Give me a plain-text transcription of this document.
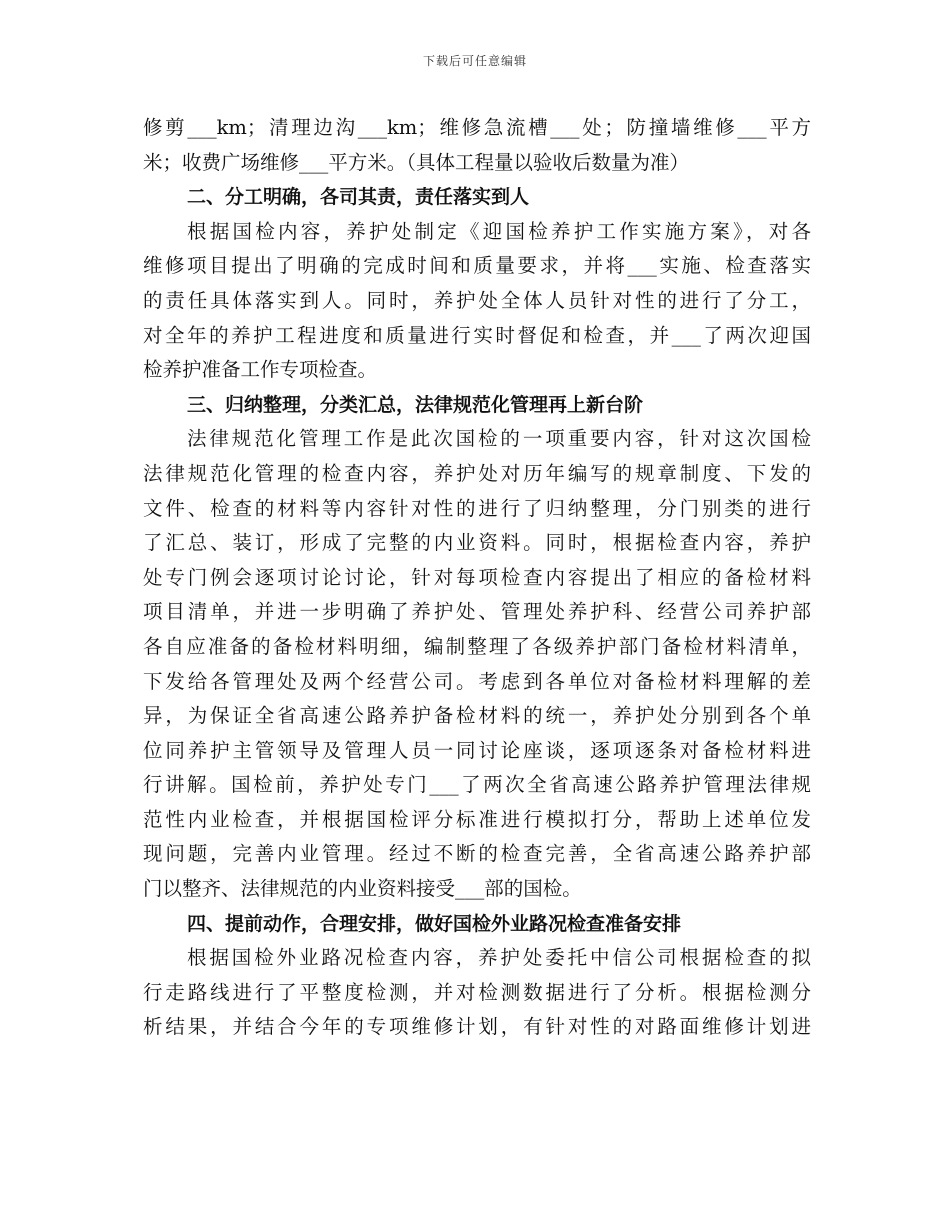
下载后可任意编辑
修剪___km；清理边沟___km；维修急流槽___处；防撞墙维修___平方
米；收费广场维修___平方米。（具体工程量以验收后数量为准）
二、分工明确，各司其责，责任落实到人
根据国检内容，养护处制定《迎国检养护工作实施方案》，对各
维修项目提出了明确的完成时间和质量要求，并将___实施、检查落实
的责任具体落实到人。同时，养护处全体人员针对性的进行了分工，
对全年的养护工程进度和质量进行实时督促和检查，并___了两次迎国
检养护准备工作专项检查。
三、归纳整理，分类汇总，法律规范化管理再上新台阶
法律规范化管理工作是此次国检的一项重要内容，针对这次国检
法律规范化管理的检查内容，养护处对历年编写的规章制度、下发的
文件、检查的材料等内容针对性的进行了归纳整理，分门别类的进行
了汇总、装订，形成了完整的内业资料。同时，根据检查内容，养护
处专门例会逐项讨论讨论，针对每项检查内容提出了相应的备检材料
项目清单，并进一步明确了养护处、管理处养护科、经营公司养护部
各自应准备的备检材料明细，编制整理了各级养护部门备检材料清单，
下发给各管理处及两个经营公司。考虑到各单位对备检材料理解的差
异，为保证全省高速公路养护备检材料的统一，养护处分别到各个单
位同养护主管领导及管理人员一同讨论座谈，逐项逐条对备检材料进
行讲解。国检前，养护处专门___了两次全省高速公路养护管理法律规
范性内业检查，并根据国检评分标准进行模拟打分，帮助上述单位发
现问题，完善内业管理。经过不断的检查完善，全省高速公路养护部
门以整齐、法律规范的内业资料接受___部的国检。
四、提前动作，合理安排，做好国检外业路况检查准备安排
根据国检外业路况检查内容，养护处委托中信公司根据检查的拟
行走路线进行了平整度检测，并对检测数据进行了分析。根据检测分
析结果，并结合今年的专项维修计划，有针对性的对路面维修计划进
